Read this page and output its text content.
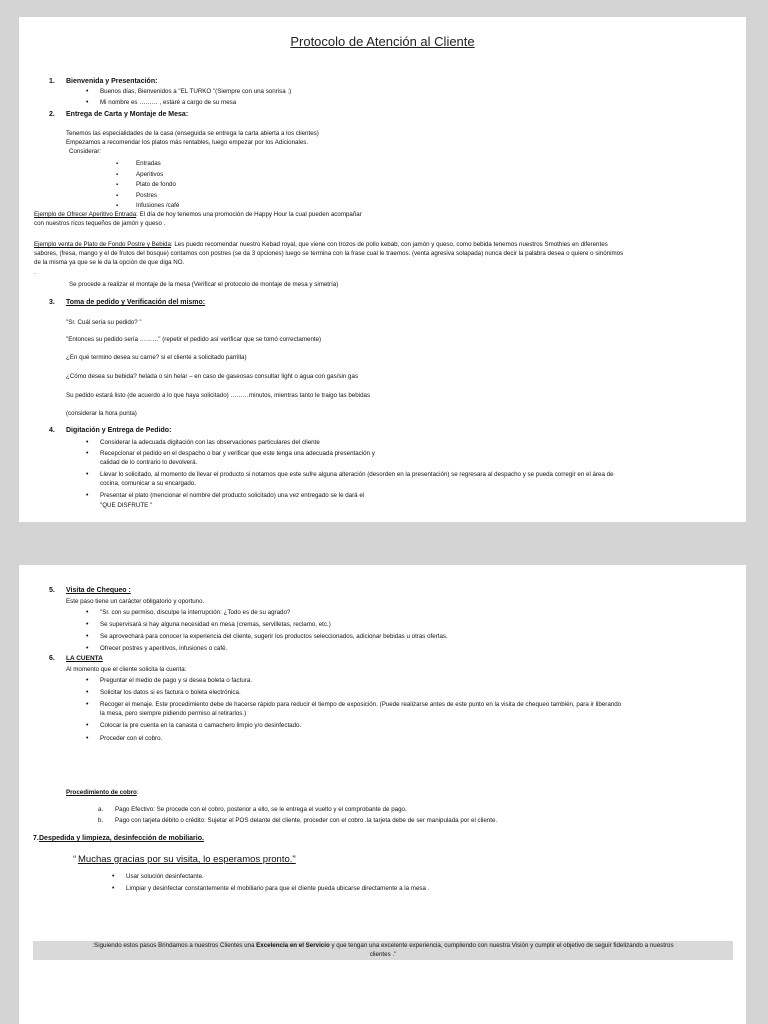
Protocolo de Atención al Cliente
1. Bienvenida y Presentación:
• Buenos días, Bienvenidos a "EL TURKO "(Siempre con una sonrisa :)
• Mi nombre es ……… , estaré a cargo de su mesa
2. Entrega de Carta y Montaje de Mesa:
Tenemos las especialidades de la casa (enseguida se entrega la carta abierta a los clientes)
Empezamos a recomendar los platos más rentables, luego empezar por los Adicionales.
Considerar:
▪ Entradas
▪ Aperitivos
▪ Plato de fondo
▪ Postres
▪ Infusiones /café
Ejemplo de Ofrecer Aperitivo Entrada: El día de hoy tenemos una promoción de Happy Hour la cual pueden acompañar
con nuestros ricos tequeños de jamón y queso .
Ejemplo venta de Plato de Fondo Postre y Bebida: Les puedo recomendar nuestro Kebad royal, que viene con trozos de pollo kebab, con jamón y queso, como bebida tenemos nuestros Smothies en diferentes
sabores, (fresa, mango y el de frutos del bosque) contamos con postres (se da 3 opciones) luego se termina con la frase cual le traemos. (venta agresiva solapada) nunca decir la palabra desea o quiere o sinónimos
de la misma ya que se le da la opción de que diga NO.
.
Se procede a realizar el montaje de la mesa (Verificar el protocolo de montaje de mesa y simetría)
3. Toma de pedido y Verificación del mismo:
"Sr. Cuál sería su pedido? "
"Entonces su pedido sería ………" (repetir el pedido así verificar que se tomó correctamente)
¿En qué termino desea su carne? si el cliente a solicitado parrilla)
¿Cómo desea su bebida? helada o sin helar – en caso de gaseosas consultar light o agua con gas/sin gas
Su pedido estará listo (de acuerdo a lo que haya solicitado) ………minutos, mientras tanto le traigo las bebidas
(considerar la hora punta)
4. Digitación y Entrega de Pedido:
• Considerar la adecuada digitación con las observaciones particulares del cliente
• Recepcionar el pedido en el despacho o bar y verificar que este tenga una adecuada presentación y
calidad de lo contrario lo devolverá.
• Llevar lo solicitado, al momento de llevar el producto si notamos que este sufre alguna alteración (desorden en la presentación) se regresara al despacho y se pueda corregir en el área de
cocina, comunicar a su encargado.
• Presentar el plato (mencionar el nombre del producto solicitado) una vez entregado se le dará el
"QUE DISFRUTE "
5. Visita de Chequeo :
Este paso tiene un carácter obligatorio y oportuno.
• "Sr. con su permiso, disculpe la interrupción: ¿Todo es de su agrado?
• Se supervisará si hay alguna necesidad en mesa (cremas, servilletas, reclamo, etc.)
• Se aprovechará para conocer la experiencia del cliente, sugerir los productos seleccionados, adicionar bebidas u otras ofertas.
• Ofrecer postres y aperitivos, infusiones o café.
6. LA CUENTA
Al momento que el cliente solicita la cuenta:
• Preguntar el medio de pago y si desea boleta o factura.
• Solicitar los datos si es factura o boleta electrónica.
• Recoger el menaje. Este procedimiento debe de hacerse rápido para reducir el tiempo de exposición. (Puede realizarse antes de este punto en la visita de chequeo también, para ir liberando
la mesa, pero siempre pidiendo permiso al retirarlos.)
• Colocar la pre cuenta en la canasta o camachero limpio y/o desinfectado.
• Proceder con el cobro.
Procedimiento de cobro:
a. Pago Efectivo: Se procede con el cobro, posterior a ello, se le entrega el vuelto y el comprobante de pago.
b. Pago con tarjeta débito o crédito: Sujetar el POS delante del cliente, proceder con el cobro .la tarjeta debe de ser manipulada por el cliente.
7. Despedida y limpieza, desinfección de mobiliario.
“ Muchas gracias por su visita, lo esperamos pronto."
• Usar solución desinfectante.
• Limpiar y desinfectar constantemente el mobiliario para que el cliente pueda ubicarse directamente a la mesa .
:Siguiendo estos pasos Brindamos a nuestros Clientes una Excelencia en el Servicio y que tengan una excelente experiencia, cumpliendo con nuestra Visión y cumplir el objetivo de seguir fidelizando a nuestros
clientes ."
